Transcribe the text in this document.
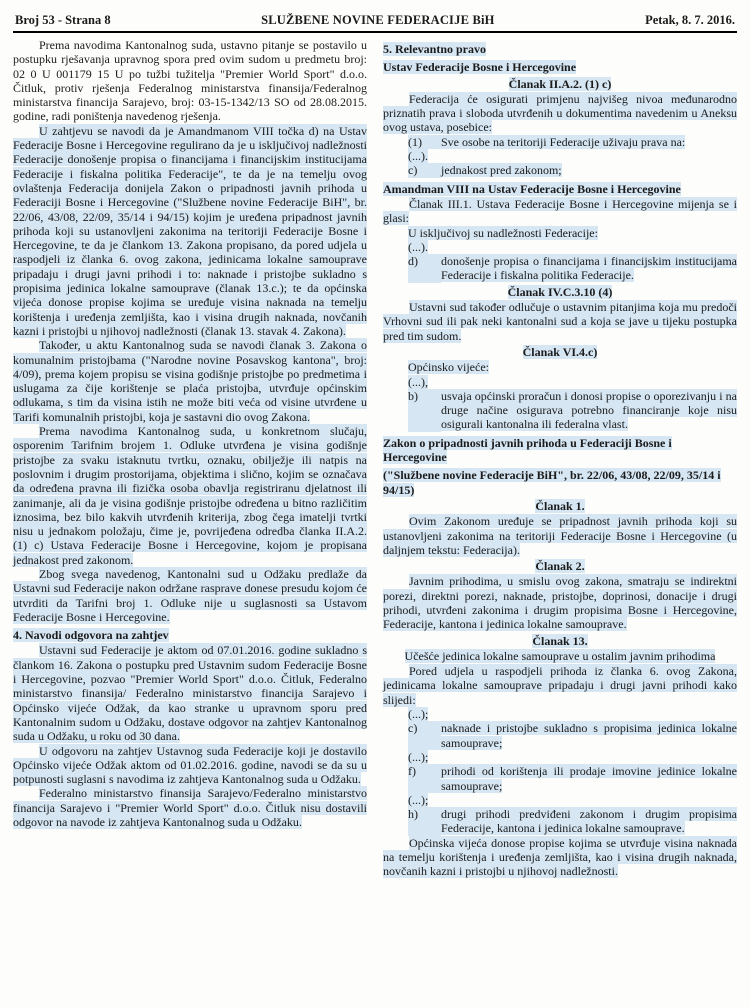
Broj 53 - Strana 8	SLUŽBENE NOVINE FEDERACIJE BiH	Petak, 8. 7. 2016.
Prema navodima Kantonalnog suda, ustavno pitanje se postavilo u postupku rješavanja upravnog spora pred ovim sudom u predmetu broj: 02 0 U 001179 15 U po tužbi tužitelja "Premier World Sport" d.o.o. Čitluk, protiv rješenja Federalnog ministarstva finansija/Federalnog ministarstva financija Sarajevo, broj: 03-15-1342/13 SO od 28.08.2015. godine, radi poništenja navedenog rješenja.
U zahtjevu se navodi da je Amandmanom VIII točka d) na Ustav Federacije Bosne i Hercegovine regulirano da je u isključivoj nadležnosti Federacije donošenje propisa o financijama i financijskim institucijama Federacije i fiskalna politika Federacije", te da je na temelju ovog ovlaštenja Federacija donijela Zakon o pripadnosti javnih prihoda u Federaciji Bosne i Hercegovine ("Službene novine Federacije BiH", br. 22/06, 43/08, 22/09, 35/14 i 94/15) kojim je uređena pripadnost javnih prihoda koji su ustanovljeni zakonima na teritoriji Federacije Bosne i Hercegovine, te da je člankom 13. Zakona propisano, da pored udjela u raspodjeli iz članka 6. ovog zakona, jedinicama lokalne samouprave pripadaju i drugi javni prihodi i to: naknade i pristojbe sukladno s propisima jedinica lokalne samouprave (članak 13.c.); te da općinska vijeća donose propise kojima se uređuje visina naknada na temelju korištenja i uređenja zemljišta, kao i visina drugih naknada, novčanih kazni i pristojbi u njihovoj nadležnosti (članak 13. stavak 4. Zakona).
Također, u aktu Kantonalnog suda se navodi članak 3. Zakona o komunalnim pristojbama ("Narodne novine Posavskog kantona", broj: 4/09), prema kojem propisu se visina godišnje pristojbe po predmetima i uslugama za čije korištenje se plaća pristojba, utvrđuje općinskim odlukama, s tim da visina istih ne može biti veća od visine utvrđene u Tarifi komunalnih pristojbi, koja je sastavni dio ovog Zakona.
Prema navodima Kantonalnog suda, u konkretnom slučaju, osporenim Tarifnim brojem 1. Odluke utvrđena je visina godišnje pristojbe za svaku istaknutu tvrtku, oznaku, obilježje ili natpis na poslovnim i drugim prostorijama, objektima i slično, kojim se označava da određena pravna ili fizička osoba obavlja registriranu djelatnost ili zanimanje, ali da je visina godišnje pristojbe određena u bitno različitim iznosima, bez bilo kakvih utvrđenih kriterija, zbog čega imatelji tvrtki nisu u jednakom položaju, čime je, povrijeđena odredba članka II.A.2. (1) c) Ustava Federacije Bosne i Hercegovine, kojom je propisana jednakost pred zakonom.
Zbog svega navedenog, Kantonalni sud u Odžaku predlaže da Ustavni sud Federacije nakon održane rasprave donese presudu kojom će utvrditi da Tarifni broj 1. Odluke nije u suglasnosti sa Ustavom Federacije Bosne i Hercegovine.
4. Navodi odgovora na zahtjev
Ustavni sud Federacije je aktom od 07.01.2016. godine sukladno s člankom 16. Zakona o postupku pred Ustavnim sudom Federacije Bosne i Hercegovine, pozvao "Premier World Sport" d.o.o. Čitluk, Federalno ministarstvo finansija/ Federalno ministarstvo financija Sarajevo i Općinsko vijeće Odžak, da kao stranke u upravnom sporu pred Kantonalnim sudom u Odžaku, dostave odgovor na zahtjev Kantonalnog suda u Odžaku, u roku od 30 dana.
U odgovoru na zahtjev Ustavnog suda Federacije koji je dostavilo Općinsko vijeće Odžak aktom od 01.02.2016. godine, navodi se da su u potpunosti suglasni s navodima iz zahtjeva Kantonalnog suda u Odžaku.
Federalno ministarstvo finansija Sarajevo/Federalno ministarstvo financija Sarajevo i "Premier World Sport" d.o.o. Čitluk nisu dostavili odgovor na navode iz zahtjeva Kantonalnog suda u Odžaku.
5. Relevantno pravo
Ustav Federacije Bosne i Hercegovine
Članak II.A.2. (1) c)
Federacija će osigurati primjenu najvišeg nivoa međunarodno priznatih prava i sloboda utvrđenih u dokumentima navedenim u Aneksu ovog ustava, posebice:
(1)	Sve osobe na teritoriji Federacije uživaju prava na:
(...).
c)	jednakost pred zakonom;
Amandman VIII na Ustav Federacije Bosne i Hercegovine
Članak III.1. Ustava Federacije Bosne i Hercegovine mijenja se i glasi:
U isključivoj su nadležnosti Federacije:
(...).
d)	donošenje propisa o financijama i financijskim institucijama Federacije i fiskalna politika Federacije.
Članak IV.C.3.10 (4)
Ustavni sud također odlučuje o ustavnim pitanjima koja mu predoči Vrhovni sud ili pak neki kantonalni sud a koja se jave u tijeku postupka pred tim sudom.
Članak VI.4.c)
Općinsko vijeće:
(...),
b)	usvaja općinski proračun i donosi propise o oporezivanju i na druge načine osigurava potrebno financiranje koje nisu osigurali kantonalna ili federalna vlast.
Zakon o pripadnosti javnih prihoda u Federaciji Bosne i Hercegovine
("Službene novine Federacije BiH", br. 22/06, 43/08, 22/09, 35/14 i 94/15)
Članak 1.
Ovim Zakonom uređuje se pripadnost javnih prihoda koji su ustanovljeni zakonima na teritoriji Federacije Bosne i Hercegovine (u daljnjem tekstu: Federacija).
Članak 2.
Javnim prihodima, u smislu ovog zakona, smatraju se indirektni porezi, direktni porezi, naknade, pristojbe, doprinosi, donacije i drugi prihodi, utvrđeni zakonima i drugim propisima Bosne i Hercegovine, Federacije, kantona i jedinica lokalne samouprave.
Članak 13.
Učešće jedinica lokalne samouprave u ostalim javnim prihodima
Pored udjela u raspodjeli prihoda iz članka 6. ovog Zakona, jedinicama lokalne samouprave pripadaju i drugi javni prihodi kako slijedi:
(...);
c)	naknade i pristojbe sukladno s propisima jedinica lokalne samouprave;
(...);
f)	prihodi od korištenja ili prodaje imovine jedinice lokalne samouprave;
(...);
h)	drugi prihodi predviđeni zakonom i drugim propisima Federacije, kantona i jedinica lokalne samouprave.
Općinska vijeća donose propise kojima se utvrđuje visina naknada na temelju korištenja i uređenja zemljišta, kao i visina drugih naknada, novčanih kazni i pristojbi u njihovoj nadležnosti.
